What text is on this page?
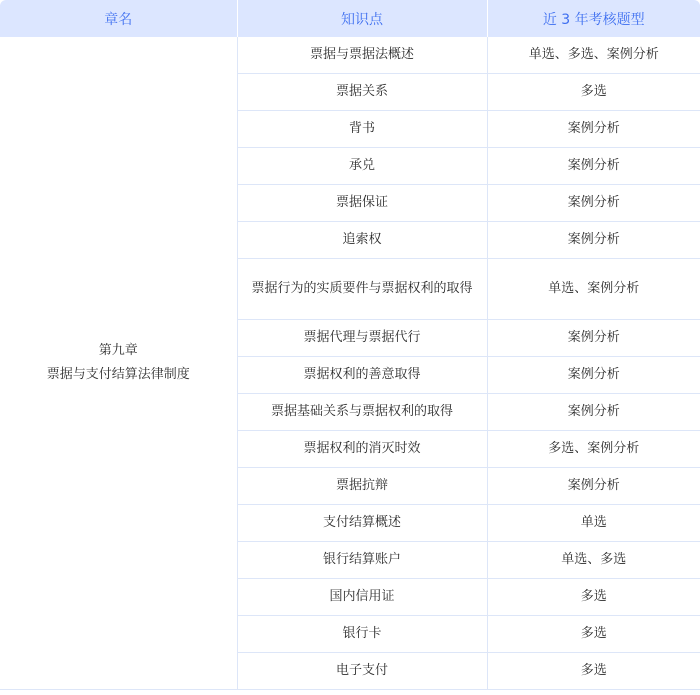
章名	知识点	近 3 年考核题型

第九章
票据与支付结算法律制度	票据与票据法概述	单选、多选、案例分析
	票据关系	多选
	背书	案例分析
	承兑	案例分析
	票据保证	案例分析
	追索权	案例分析
	票据行为的实质要件与票据权利的取得	单选、案例分析
	票据代理与票据代行	案例分析
	票据权利的善意取得	案例分析
	票据基础关系与票据权利的取得	案例分析
	票据权利的消灭时效	多选、案例分析
	票据抗辩	案例分析
	支付结算概述	单选
	银行结算账户	单选、多选
	国内信用证	多选
	银行卡	多选
	电子支付	多选
